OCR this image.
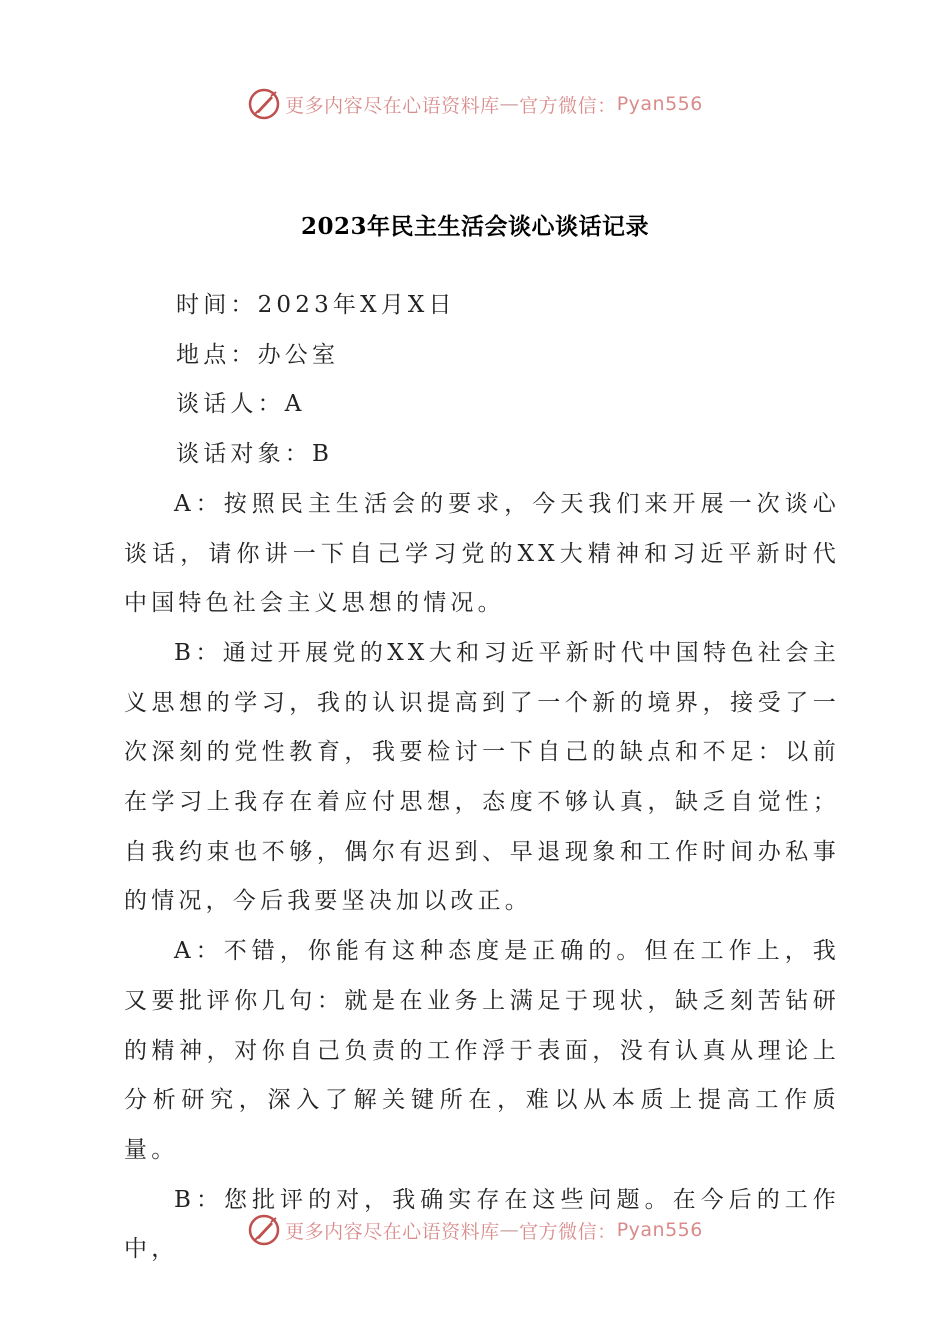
更多内容尽在心语资料库 — 官方微信： Pyan556
2023年民主生活会谈心谈话记录

时间：2023年X月X日

地点：办公室

谈话人：A

谈话对象：B

A：按照民主生活会的要求，今天我们来开展一次谈心谈话，请你讲一下自己学习党的XX大精神和习近平新时代中国特色社会主义思想的情况。

B：通过开展党的XX大和习近平新时代中国特色社会主义思想的学习，我的认识提高到了一个新的境界，接受了一次深刻的党性教育，我要检讨一下自己的缺点和不足：以前在学习上我存在着应付思想，态度不够认真，缺乏自觉性；自我约束也不够，偶尔有迟到、早退现象和工作时间办私事的情况，今后我要坚决加以改正。

A：不错，你能有这种态度是正确的。但在工作上，我又要批评你几句：就是在业务上满足于现状，缺乏刻苦钻研的精神，对你自己负责的工作浮于表面，没有认真从理论上分析研究，深入了解关键所在，难以从本质上提高工作质量。

B：您批评的对，我确实存在这些问题。在今后的工作中，

更多内容尽在心语资料库 — 官方微信： Pyan556
